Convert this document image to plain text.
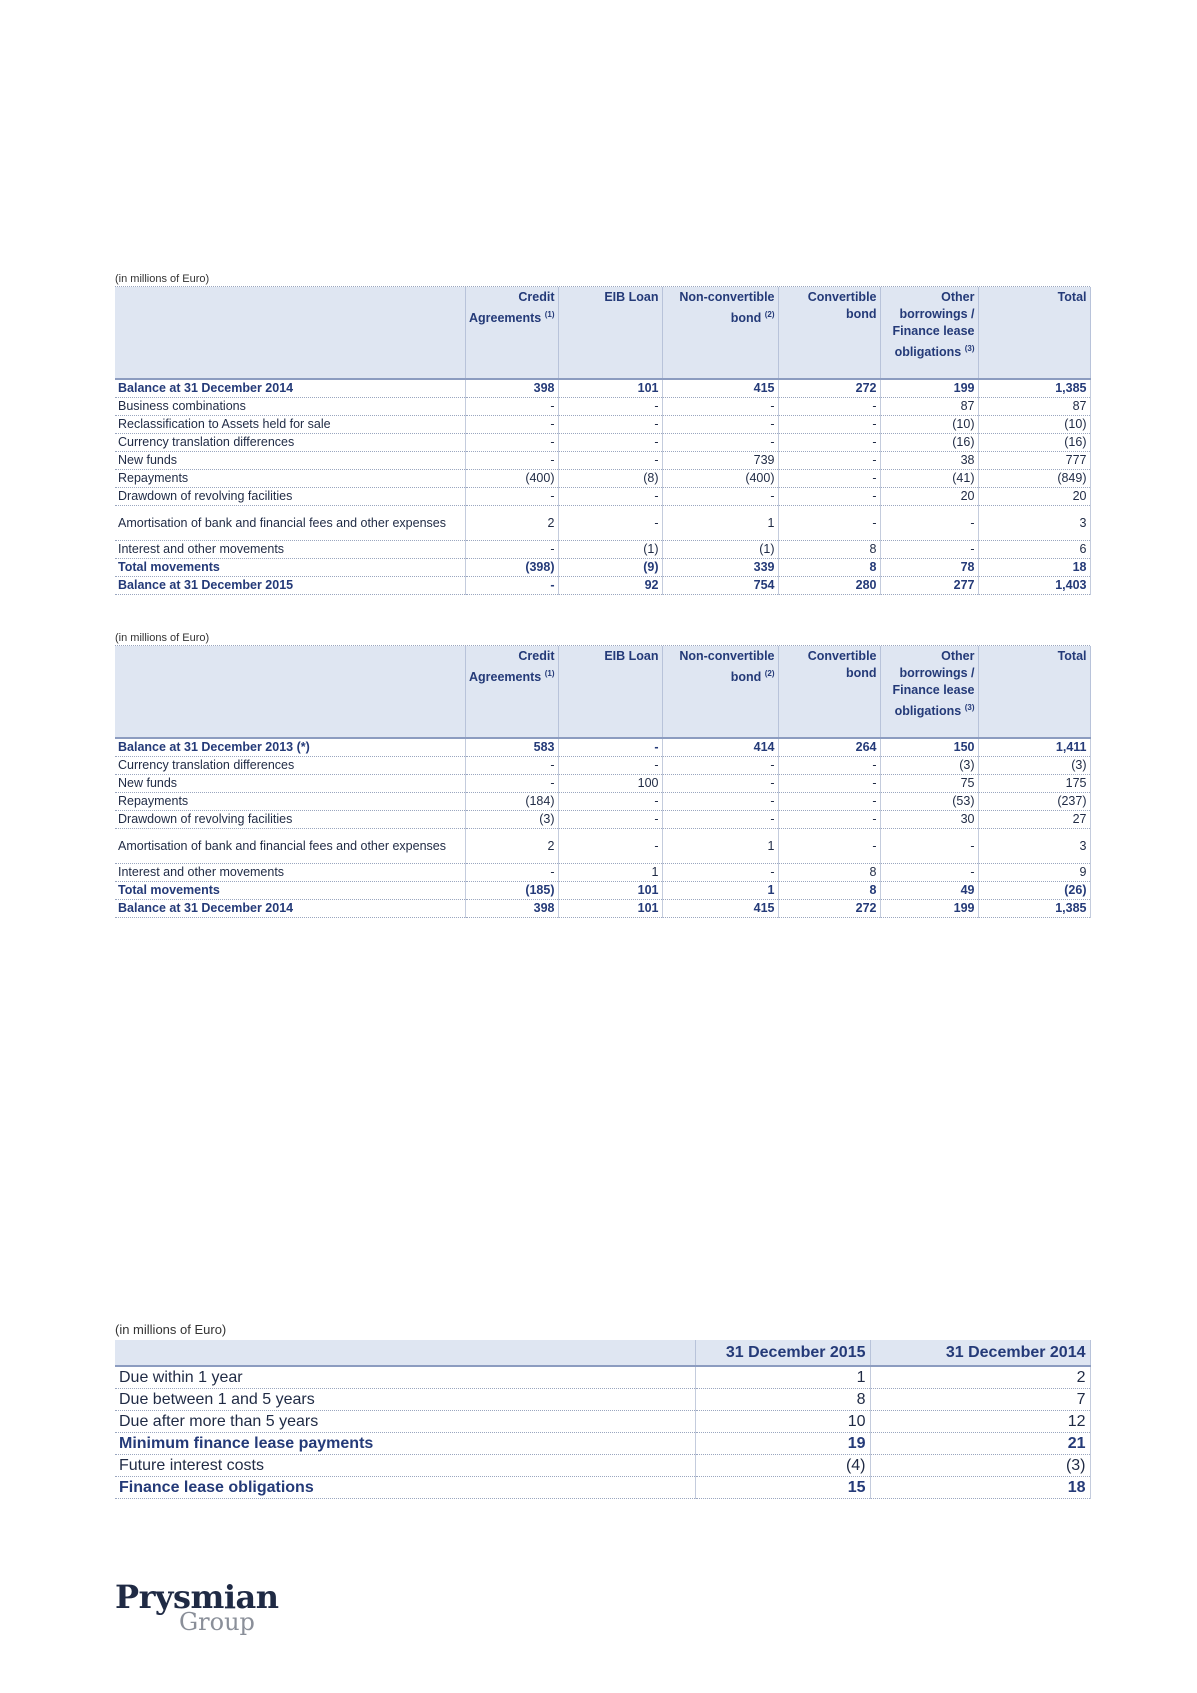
(in millions of Euro)
	Credit Agreements $^{(1)}$	EIB Loan	Non-convertible bond $^{(2)}$	Convertible bond	Other borrowings / Finance lease obligations $^{(3)}$	Total
Balance at 31 December 2014	398	101	415	272	199	1,385
Business combinations	-	-	-	-	87	87
Reclassification to Assets held for sale	-	-	-	-	(10)	(10)
Currency translation differences	-	-	-	-	(16)	(16)
New funds	-	-	739	-	38	777
Repayments	(400)	(8)	(400)	-	(41)	(849)
Drawdown of revolving facilities	-	-	-	-	20	20
Amortisation of bank and financial fees and other expenses	2	-	1	-	-	3
Interest and other movements	-	(1)	(1)	8	-	6
Total movements	(398)	(9)	339	8	78	18
Balance at 31 December 2015	-	92	754	280	277	1,403
(in millions of Euro)
	Credit Agreements $^{(1)}$	EIB Loan	Non-convertible bond $^{(2)}$	Convertible bond	Other borrowings / Finance lease obligations $^{(3)}$	Total
Balance at 31 December 2013 (*)	583	-	414	264	150	1,411
Currency translation differences	-	-	-	-	(3)	(3)
New funds	-	100	-	-	75	175
Repayments	(184)	-	-	-	(53)	(237)
Drawdown of revolving facilities	(3)	-	-	-	30	27
Amortisation of bank and financial fees and other expenses	2	-	1	-	-	3
Interest and other movements	-	1	-	8	-	9
Total movements	(185)	101	1	8	49	(26)
Balance at 31 December 2014	398	101	415	272	199	1,385
(in millions of Euro)
	31 December 2015	31 December 2014
Due within 1 year	1	2
Due between 1 and 5 years	8	7
Due after more than 5 years	10	12
Minimum finance lease payments	19	21
Future interest costs	(4)	(3)
Finance lease obligations	15	18
Prysmian
Group
